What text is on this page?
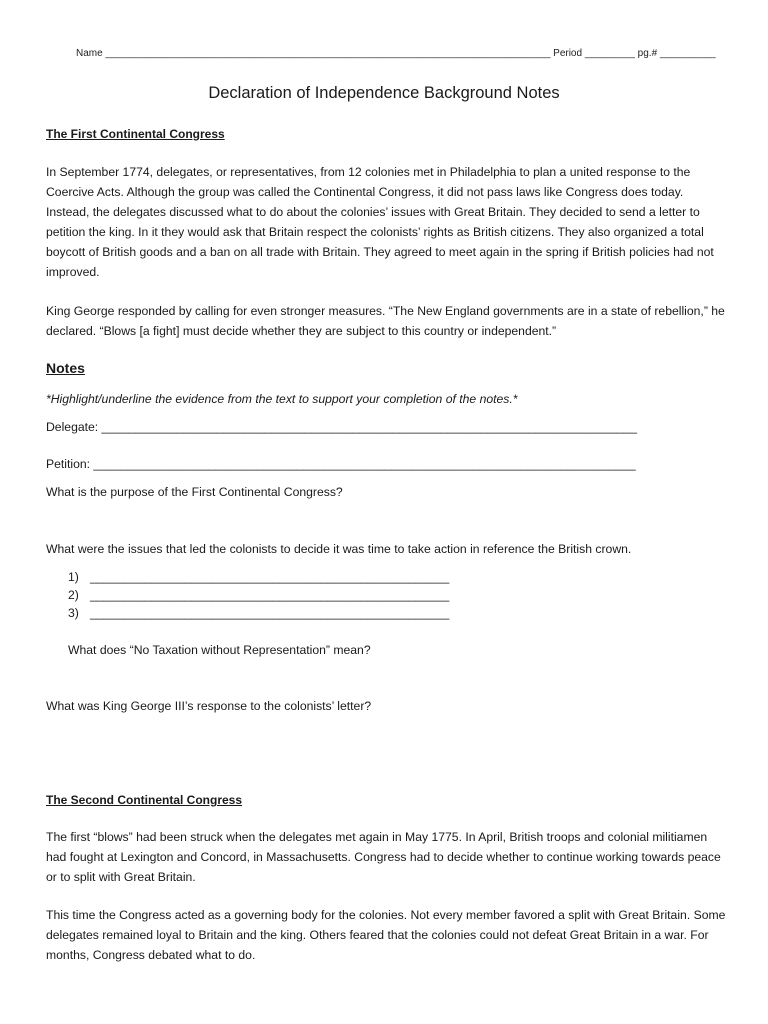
Name ________________________________________________________________________________ Period _________ pg.# __________
Declaration of Independence Background Notes
The First Continental Congress
In September 1774, delegates, or representatives, from 12 colonies met in Philadelphia to plan a united response to the Coercive Acts. Although the group was called the Continental Congress, it did not pass laws like Congress does today. Instead, the delegates discussed what to do about the colonies’ issues with Great Britain. They decided to send a letter to petition the king. In it they would ask that Britain respect the colonists’ rights as British citizens. They also organized a total boycott of British goods and a ban on all trade with Britain. They agreed to meet again in the spring if British policies had not improved.
King George responded by calling for even stronger measures. “The New England governments are in a state of rebellion,” he declared. “Blows [a fight] must decide whether they are subject to this country or independent.”
Notes
*Highlight/underline the evidence from the text to support your completion of the notes.*
Delegate: _______________________________________________________________________________
Petition: ________________________________________________________________________________
What is the purpose of the First Continental Congress?
What were the issues that led the colonists to decide it was time to take action in reference the British crown.
1) _____________________________________________________
2) _____________________________________________________
3) _____________________________________________________
What does “No Taxation without Representation” mean?
What was King George III’s response to the colonists’ letter?
The Second Continental Congress
The first “blows” had been struck when the delegates met again in May 1775. In April, British troops and colonial militiamen had fought at Lexington and Concord, in Massachusetts. Congress had to decide whether to continue working towards peace or to split with Great Britain.
This time the Congress acted as a governing body for the colonies. Not every member favored a split with Great Britain. Some delegates remained loyal to Britain and the king. Others feared that the colonies could not defeat Great Britain in a war. For months, Congress debated what to do.
